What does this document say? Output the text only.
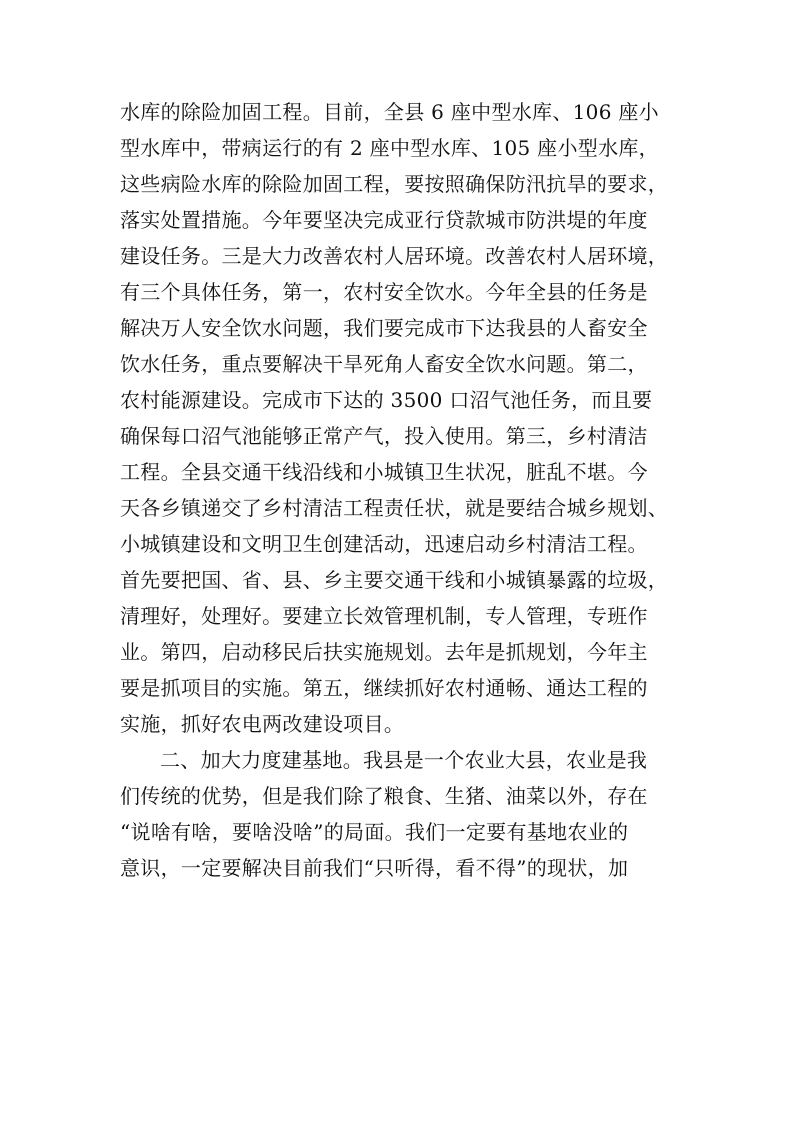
水库的除险加固工程。目前，全县 6 座中型水库、106 座小
型水库中，带病运行的有 2 座中型水库、105 座小型水库，
这些病险水库的除险加固工程，要按照确保防汛抗旱的要求，
落实处置措施。今年要坚决完成亚行贷款城市防洪堤的年度
建设任务。三是大力改善农村人居环境。改善农村人居环境，
有三个具体任务，第一，农村安全饮水。今年全县的任务是
解决万人安全饮水问题，我们要完成市下达我县的人畜安全
饮水任务，重点要解决干旱死角人畜安全饮水问题。第二，
农村能源建设。完成市下达的 3500 口沼气池任务，而且要
确保每口沼气池能够正常产气，投入使用。第三，乡村清洁
工程。全县交通干线沿线和小城镇卫生状况，脏乱不堪。今
天各乡镇递交了乡村清洁工程责任状，就是要结合城乡规划、
小城镇建设和文明卫生创建活动，迅速启动乡村清洁工程。
首先要把国、省、县、乡主要交通干线和小城镇暴露的垃圾，
清理好，处理好。要建立长效管理机制，专人管理，专班作
业。第四，启动移民后扶实施规划。去年是抓规划，今年主
要是抓项目的实施。第五，继续抓好农村通畅、通达工程的
实施，抓好农电两改建设项目。
二、加大力度建基地。我县是一个农业大县，农业是我
们传统的优势，但是我们除了粮食、生猪、油菜以外，存在
“说啥有啥，要啥没啥”的局面。我们一定要有基地农业的
意识，一定要解决目前我们“只听得，看不得”的现状，加
